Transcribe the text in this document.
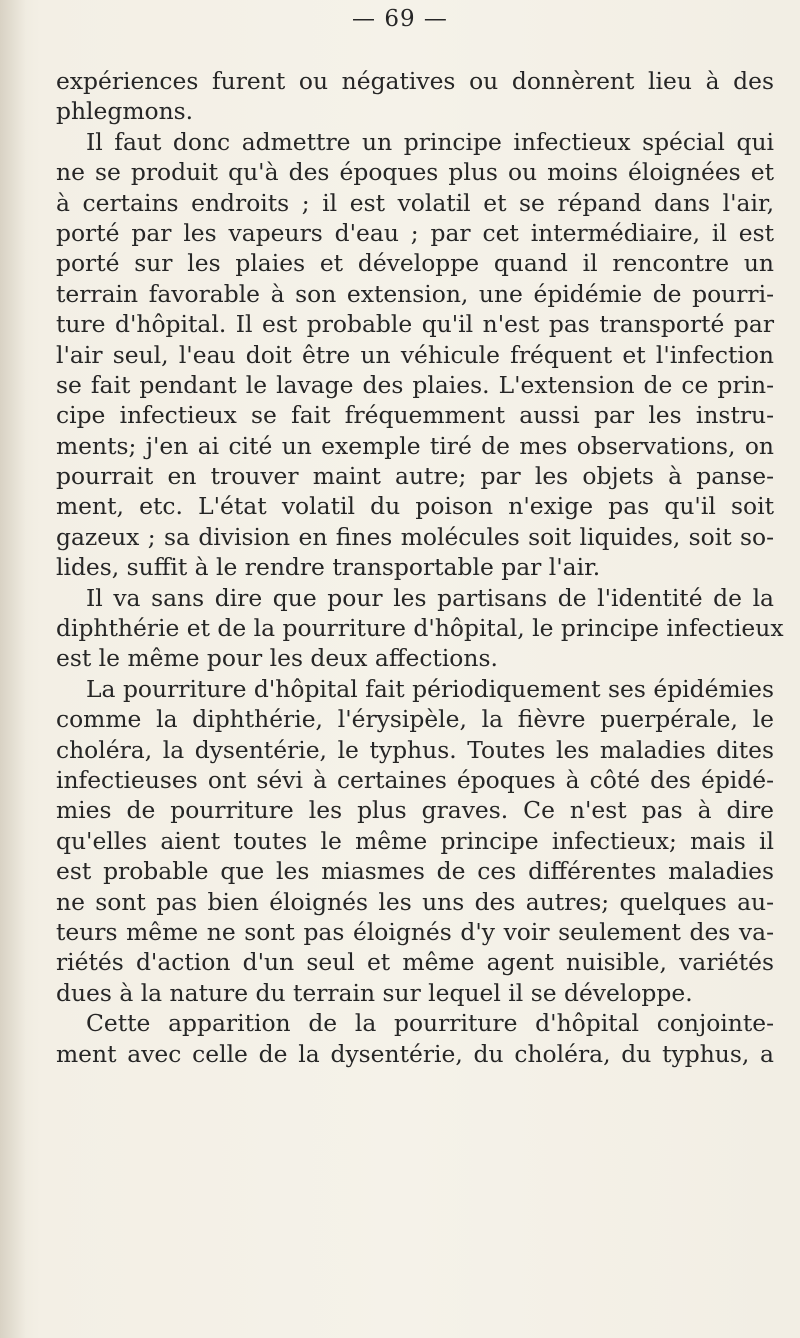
— 69 —
expériences furent ou négatives ou donnèrent lieu à des
phlegmons.
Il faut donc admettre un principe infectieux spécial qui
ne se produit qu'à des époques plus ou moins éloignées et
à certains endroits ; il est volatil et se répand dans l'air,
porté par les vapeurs d'eau ; par cet intermédiaire, il est
porté sur les plaies et développe quand il rencontre un
terrain favorable à son extension, une épidémie de pourri-
ture d'hôpital. Il est probable qu'il n'est pas transporté par
l'air seul, l'eau doit être un véhicule fréquent et l'infection
se fait pendant le lavage des plaies. L'extension de ce prin-
cipe infectieux se fait fréquemment aussi par les instru-
ments; j'en ai cité un exemple tiré de mes observations, on
pourrait en trouver maint autre; par les objets à panse-
ment, etc. L'état volatil du poison n'exige pas qu'il soit
gazeux ; sa division en fines molécules soit liquides, soit so-
lides, suffit à le rendre transportable par l'air.
Il va sans dire que pour les partisans de l'identité de la
diphthérie et de la pourriture d'hôpital, le principe infectieux
est le même pour les deux affections.
La pourriture d'hôpital fait périodiquement ses épidémies
comme la diphthérie, l'érysipèle, la fièvre puerpérale, le
choléra, la dysentérie, le typhus. Toutes les maladies dites
infectieuses ont sévi à certaines époques à côté des épidé-
mies de pourriture les plus graves. Ce n'est pas à dire
qu'elles aient toutes le même principe infectieux; mais il
est probable que les miasmes de ces différentes maladies
ne sont pas bien éloignés les uns des autres; quelques au-
teurs même ne sont pas éloignés d'y voir seulement des va-
riétés d'action d'un seul et même agent nuisible, variétés
dues à la nature du terrain sur lequel il se développe.
Cette apparition de la pourriture d'hôpital conjointe-
ment avec celle de la dysentérie, du choléra, du typhus, a
